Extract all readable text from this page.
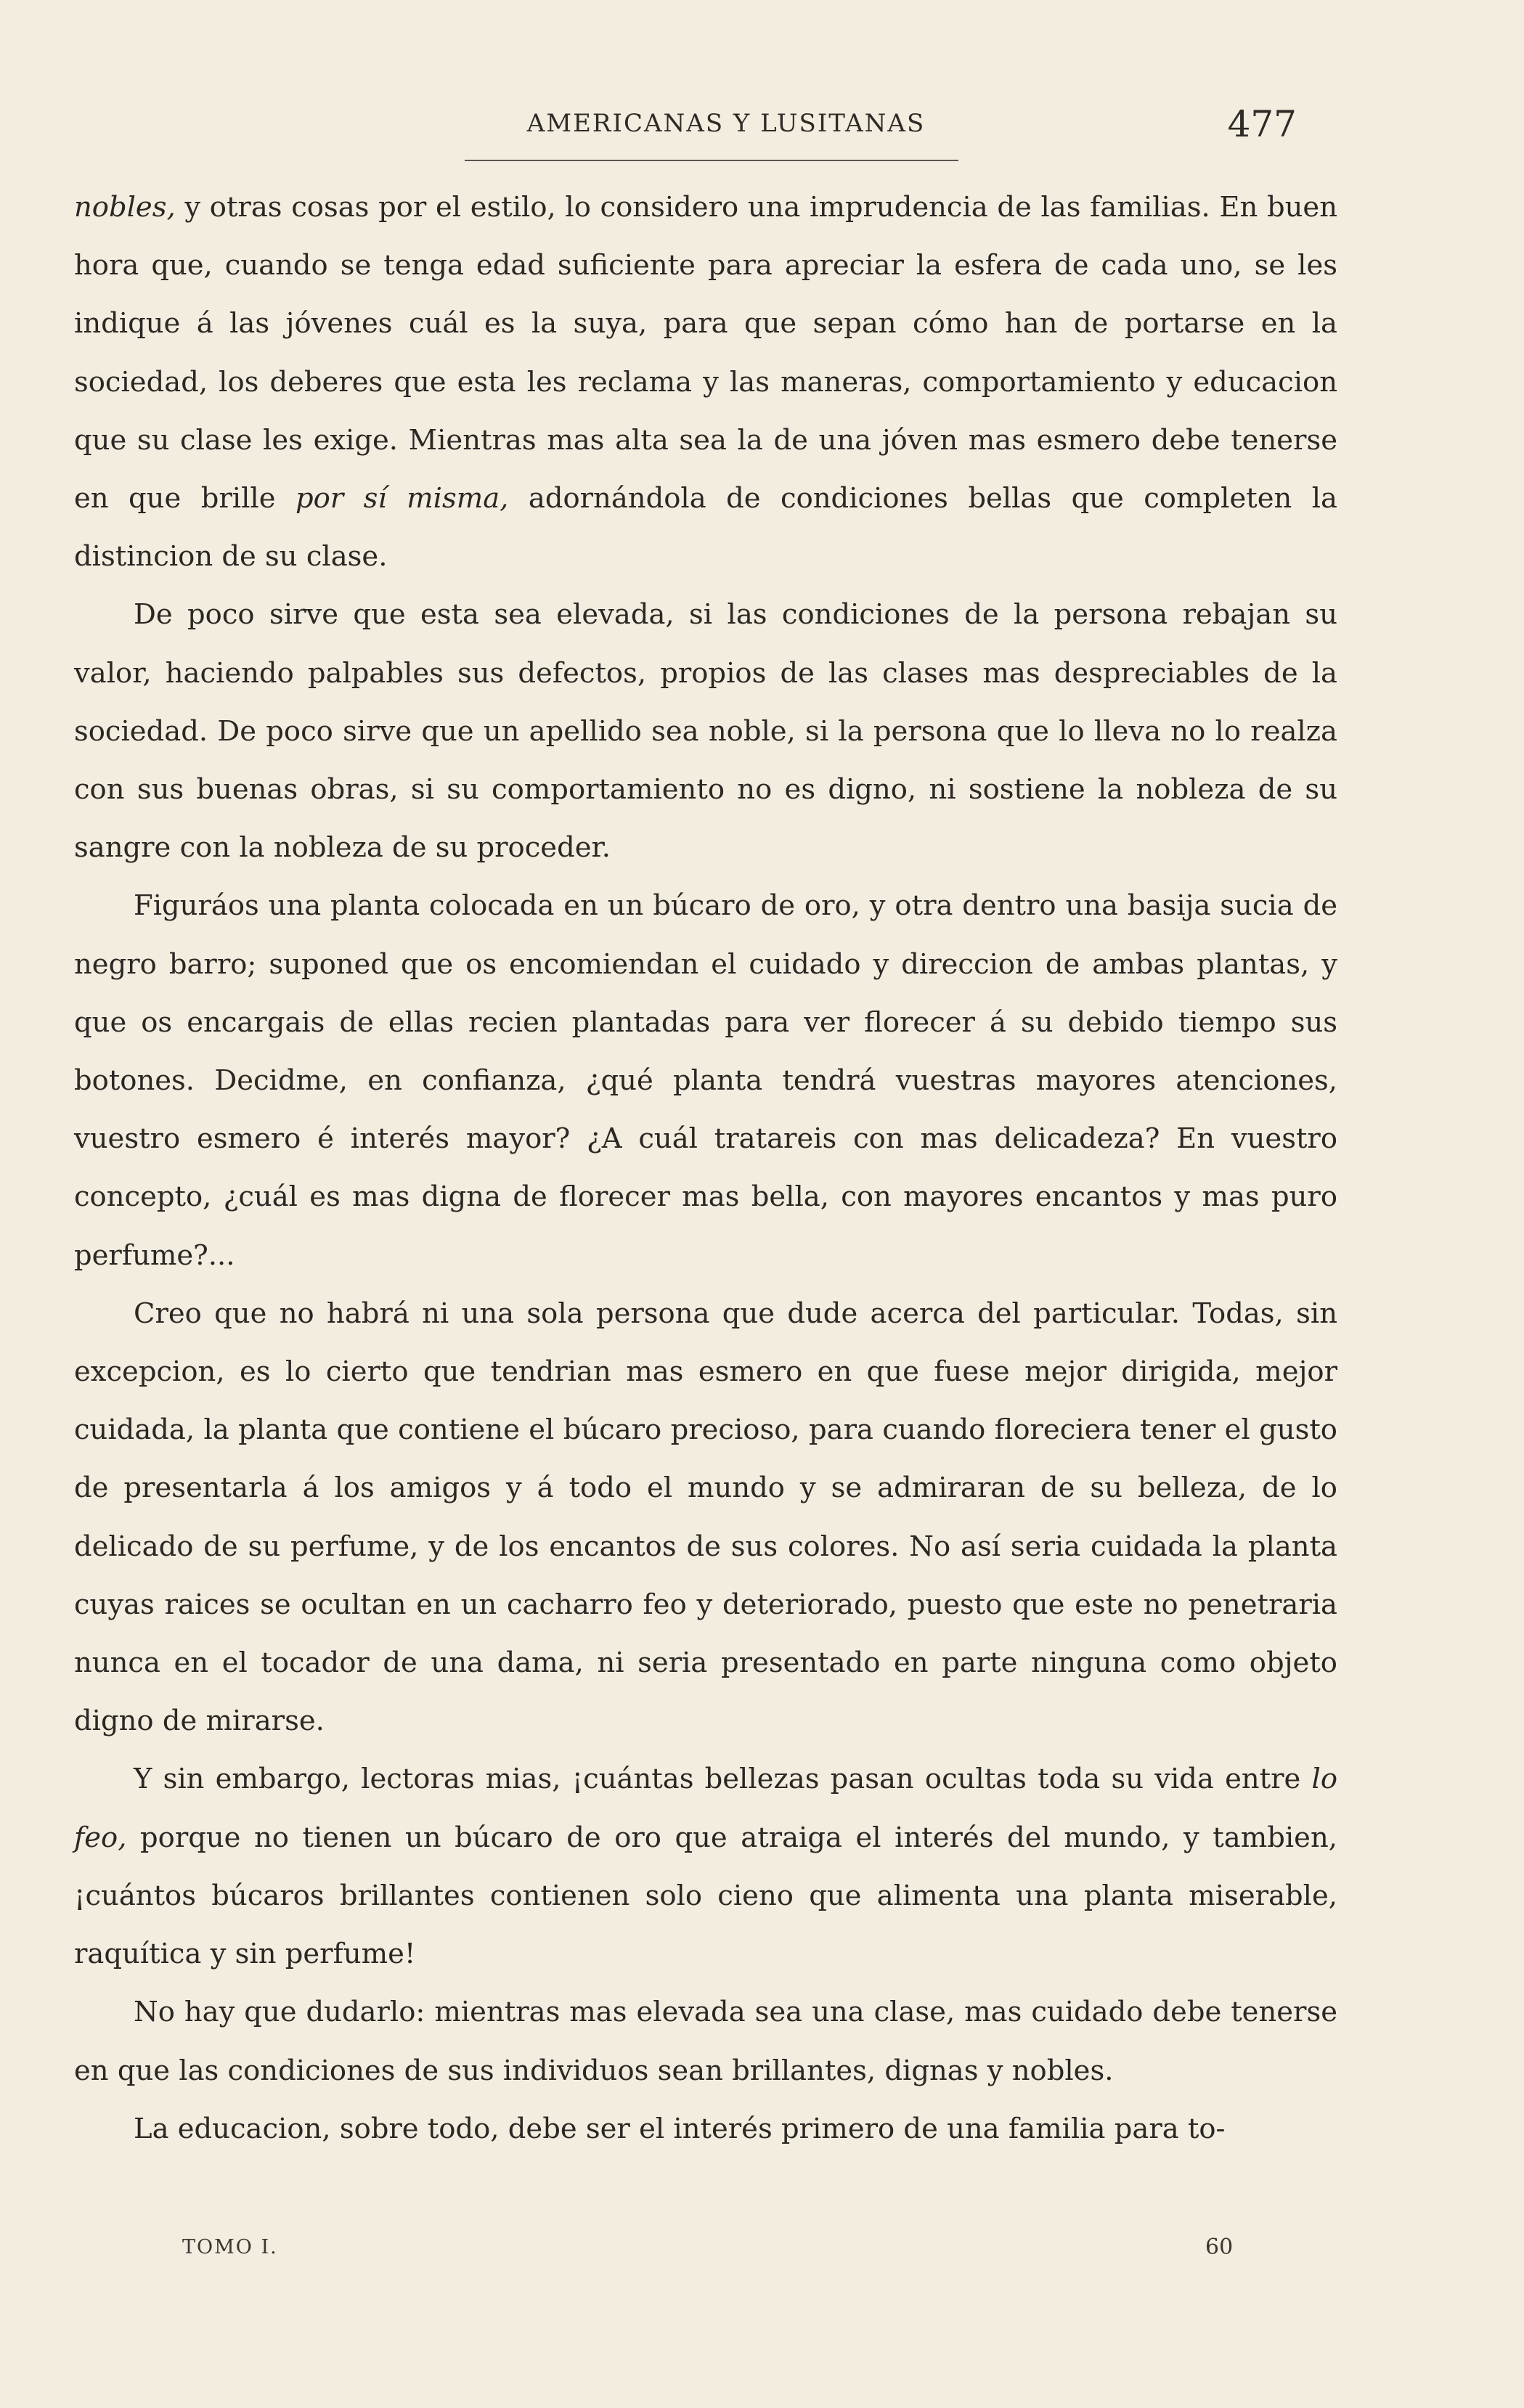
AMERICANAS Y LUSITANAS	477

nobles, y otras cosas por el estilo, lo considero una imprudencia de las familias. En buen hora que, cuando se tenga edad suficiente para apreciar la esfera de cada uno, se les indique á las jóvenes cuál es la suya, para que sepan cómo han de portarse en la sociedad, los deberes que esta les reclama y las maneras, comportamiento y educacion que su clase les exige. Mientras mas alta sea la de una jóven mas esmero debe tenerse en que brille por sí misma, adornándola de condiciones bellas que completen la distincion de su clase.

De poco sirve que esta sea elevada, si las condiciones de la persona rebajan su valor, haciendo palpables sus defectos, propios de las clases mas despreciables de la sociedad. De poco sirve que un apellido sea noble, si la persona que lo lleva no lo realza con sus buenas obras, si su comportamiento no es digno, ni sostiene la nobleza de su sangre con la nobleza de su proceder.

Figuráos una planta colocada en un búcaro de oro, y otra dentro una basija sucia de negro barro; suponed que os encomiendan el cuidado y direccion de ambas plantas, y que os encargais de ellas recien plantadas para ver florecer á su debido tiempo sus botones. Decidme, en confianza, ¿qué planta tendrá vuestras mayores atenciones, vuestro esmero é interés mayor? ¿A cuál tratareis con mas delicadeza? En vuestro concepto, ¿cuál es mas digna de florecer mas bella, con mayores encantos y mas puro perfume?...

Creo que no habrá ni una sola persona que dude acerca del particular. Todas, sin excepcion, es lo cierto que tendrian mas esmero en que fuese mejor dirigida, mejor cuidada, la planta que contiene el búcaro precioso, para cuando floreciera tener el gusto de presentarla á los amigos y á todo el mundo y se admiraran de su belleza, de lo delicado de su perfume, y de los encantos de sus colores. No así seria cuidada la planta cuyas raices se ocultan en un cacharro feo y deteriorado, puesto que este no penetraria nunca en el tocador de una dama, ni seria presentado en parte ninguna como objeto digno de mirarse.

Y sin embargo, lectoras mias, ¡cuántas bellezas pasan ocultas toda su vida entre lo feo, porque no tienen un búcaro de oro que atraiga el interés del mundo, y tambien, ¡cuántos búcaros brillantes contienen solo cieno que alimenta una planta miserable, raquítica y sin perfume!

No hay que dudarlo: mientras mas elevada sea una clase, mas cuidado debe tenerse en que las condiciones de sus individuos sean brillantes, dignas y nobles.

La educacion, sobre todo, debe ser el interés primero de una familia para to-

TOMO I.	60
